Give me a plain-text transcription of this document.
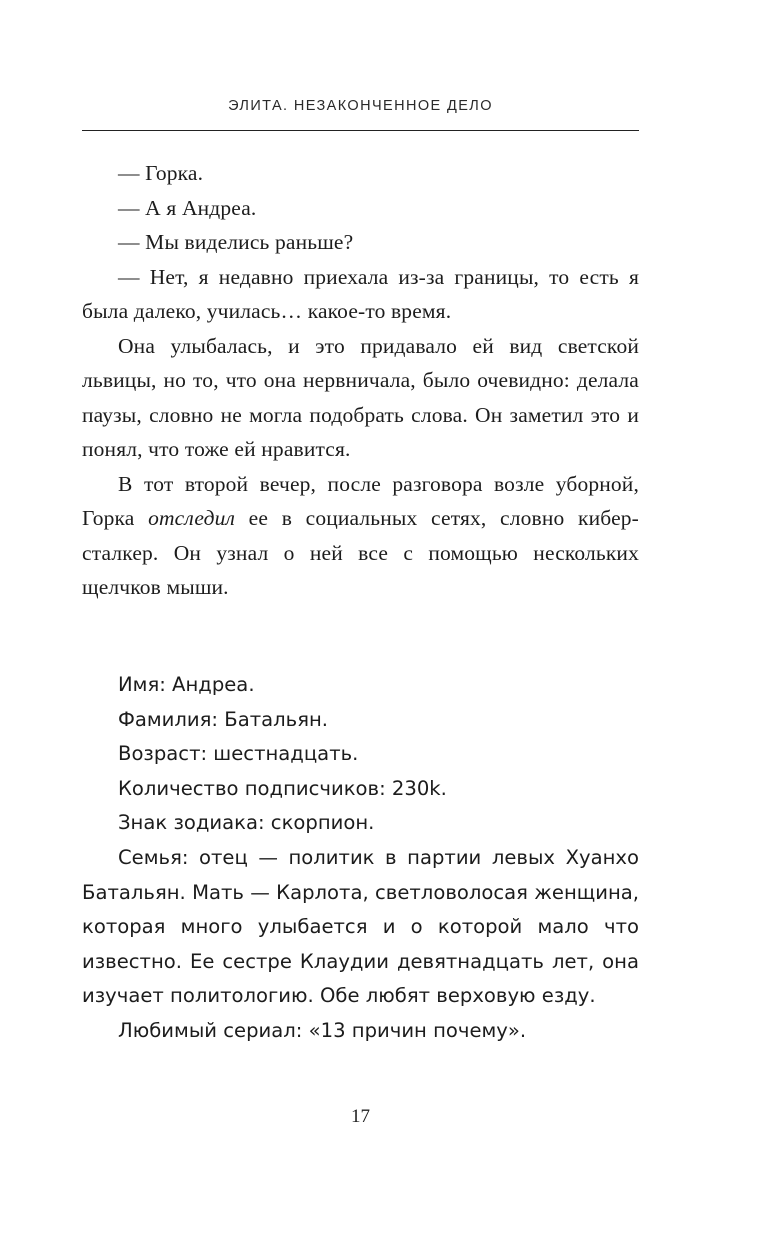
ЭЛИТА. НЕЗАКОНЧЕННОЕ ДЕЛО

— Горка.

— А я Андреа.

— Мы виделись раньше?

— Нет, я недавно приехала из-за границы, то есть я была далеко, училась… какое-то время.

Она улыбалась, и это придавало ей вид светской львицы, но то, что она нервничала, было очевидно: делала паузы, словно не могла подобрать слова. Он заметил это и понял, что тоже ей нравится.

В тот второй вечер, после разговора возле уборной, Горка отследил ее в социальных сетях, словно кибер-сталкер. Он узнал о ней все с помощью нескольких щелчков мыши.

Имя: Андреа.

Фамилия: Батальян.

Возраст: шестнадцать.

Количество подписчиков: 230k.

Знак зодиака: скорпион.

Семья: отец — политик в партии левых Хуанхо Батальян. Мать — Карлота, светловолосая женщина, которая много улыбается и о которой мало что известно. Ее сестре Клаудии девятнадцать лет, она изучает политологию. Обе любят верховую езду.

Любимый сериал: «13 причин почему».

17
